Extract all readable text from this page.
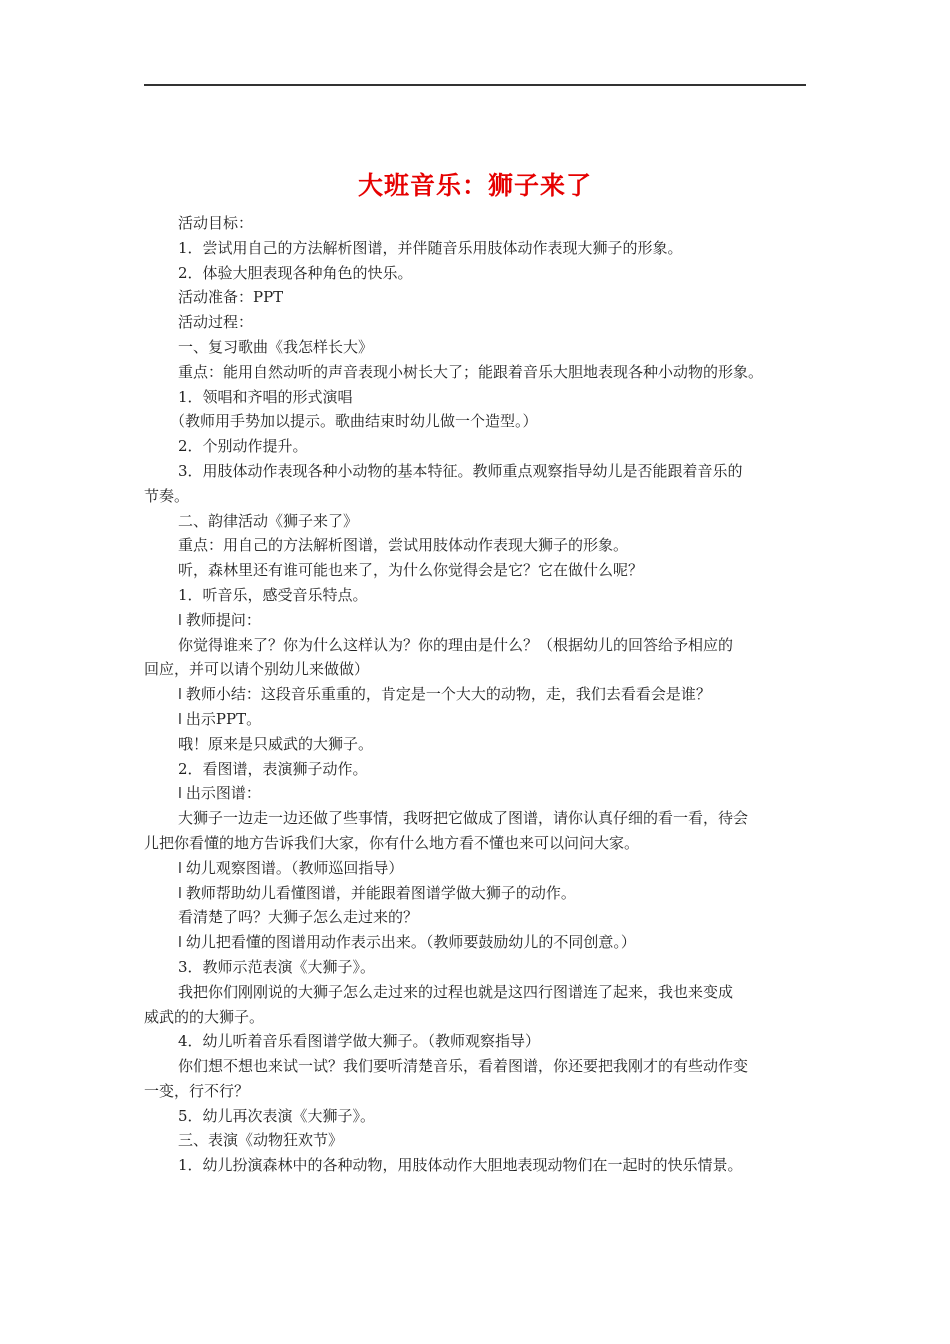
大班音乐：狮子来了
活动目标：
1．尝试用自己的方法解析图谱，并伴随音乐用肢体动作表现大狮子的形象。
2．体验大胆表现各种角色的快乐。
活动准备：PPT
活动过程：
一、复习歌曲《我怎样长大》
重点：能用自然动听的声音表现小树长大了；能跟着音乐大胆地表现各种小动物的形象。
1．领唱和齐唱的形式演唱
（教师用手势加以提示。歌曲结束时幼儿做一个造型。）
2．个别动作提升。
3．用肢体动作表现各种小动物的基本特征。教师重点观察指导幼儿是否能跟着音乐的
节奏。
二、韵律活动《狮子来了》
重点：用自己的方法解析图谱，尝试用肢体动作表现大狮子的形象。
听，森林里还有谁可能也来了，为什么你觉得会是它？它在做什么呢？
1．听音乐，感受音乐特点。
l 教师提问：
你觉得谁来了？你为什么这样认为？你的理由是什么？（根据幼儿的回答给予相应的
回应，并可以请个别幼儿来做做）
l 教师小结：这段音乐重重的，肯定是一个大大的动物，走，我们去看看会是谁？
l 出示PPT。
哦！原来是只威武的大狮子。
2．看图谱，表演狮子动作。
l 出示图谱：
大狮子一边走一边还做了些事情，我呀把它做成了图谱，请你认真仔细的看一看，待会
儿把你看懂的地方告诉我们大家，你有什么地方看不懂也来可以问问大家。
l 幼儿观察图谱。（教师巡回指导）
l 教师帮助幼儿看懂图谱，并能跟着图谱学做大狮子的动作。
看清楚了吗？大狮子怎么走过来的？
l 幼儿把看懂的图谱用动作表示出来。（教师要鼓励幼儿的不同创意。）
3．教师示范表演《大狮子》。
我把你们刚刚说的大狮子怎么走过来的过程也就是这四行图谱连了起来，我也来变成
威武的的大狮子。
4．幼儿听着音乐看图谱学做大狮子。（教师观察指导）
你们想不想也来试一试？我们要听清楚音乐，看着图谱，你还要把我刚才的有些动作变
一变，行不行？
5．幼儿再次表演《大狮子》。
三、表演《动物狂欢节》
1．幼儿扮演森林中的各种动物，用肢体动作大胆地表现动物们在一起时的快乐情景。
